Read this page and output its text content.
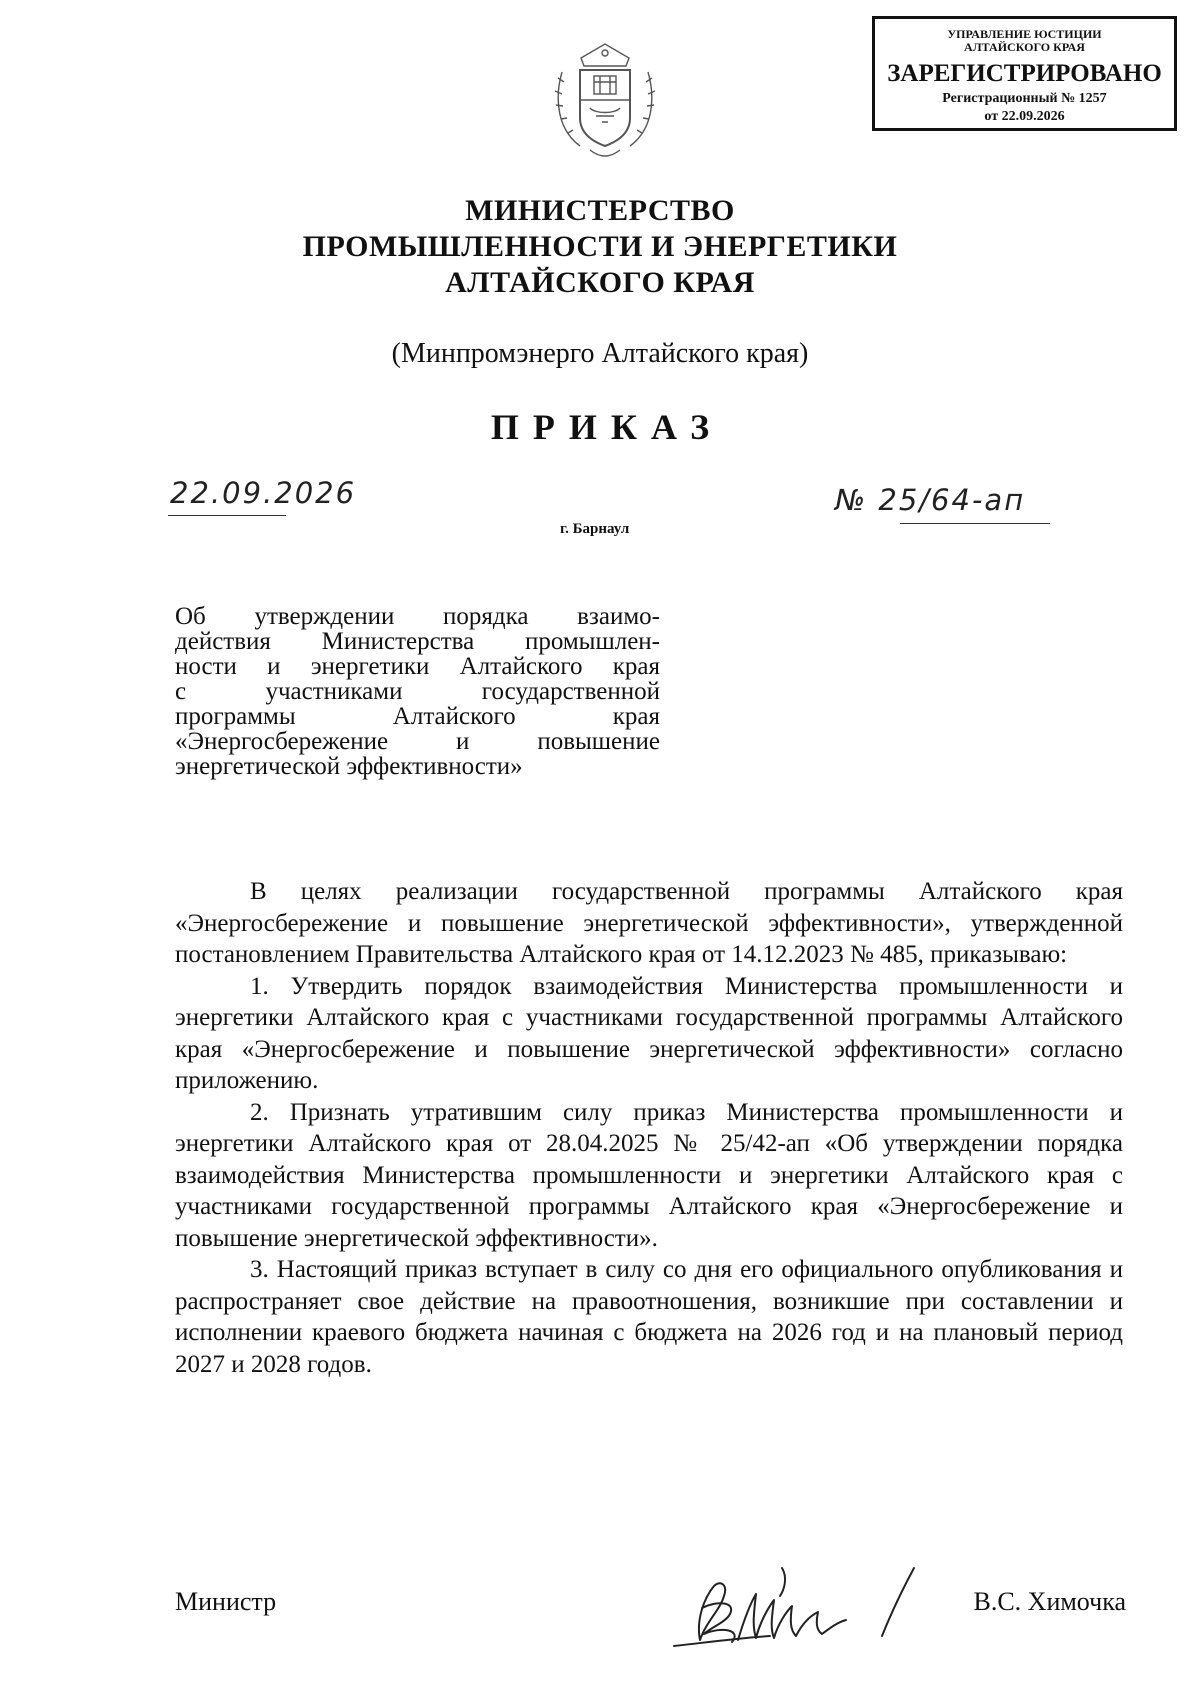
УПРАВЛЕНИЕ ЮСТИЦИИ
АЛТАЙСКОГО КРАЯ
ЗАРЕГИСТРИРОВАНО
Регистрационный № 1257
от 22.09.2026
МИНИСТЕРСТВО
ПРОМЫШЛЕННОСТИ И ЭНЕРГЕТИКИ
АЛТАЙСКОГО КРАЯ
(Минпромэнерго Алтайского края)
ПРИКАЗ
22.09.2026	№ 25/64-ап
г. Барнаул

Об утверждении порядка взаимо-

действия Министерства промышлен-

ности и энергетики Алтайского края

с участниками государственной

программы Алтайского края

«Энергосбережение и повышение

энергетической эффективности»

В целях реализации государственной программы Алтайского края «Энергосбережение и повышение энергетической эффективности», утвержденной постановлением Правительства Алтайского края от 14.12.2023 № 485, приказываю:

1. Утвердить порядок взаимодействия Министерства промышленности и энергетики Алтайского края с участниками государственной программы Алтайского края «Энергосбережение и повышение энергетической эффективности» согласно приложению.

2. Признать утратившим силу приказ Министерства промышленности и энергетики Алтайского края от 28.04.2025 № 25/42-ап «Об утверждении порядка взаимодействия Министерства промышленности и энергетики Алтайского края с участниками государственной программы Алтайского края «Энергосбережение и повышение энергетической эффективности».

3. Настоящий приказ вступает в силу со дня его официального опубликования и распространяет свое действие на правоотношения, возникшие при составлении и исполнении краевого бюджета начиная с бюджета на 2026 год и на плановый период 2027 и 2028 годов.

Министр	В.С. Химочка
